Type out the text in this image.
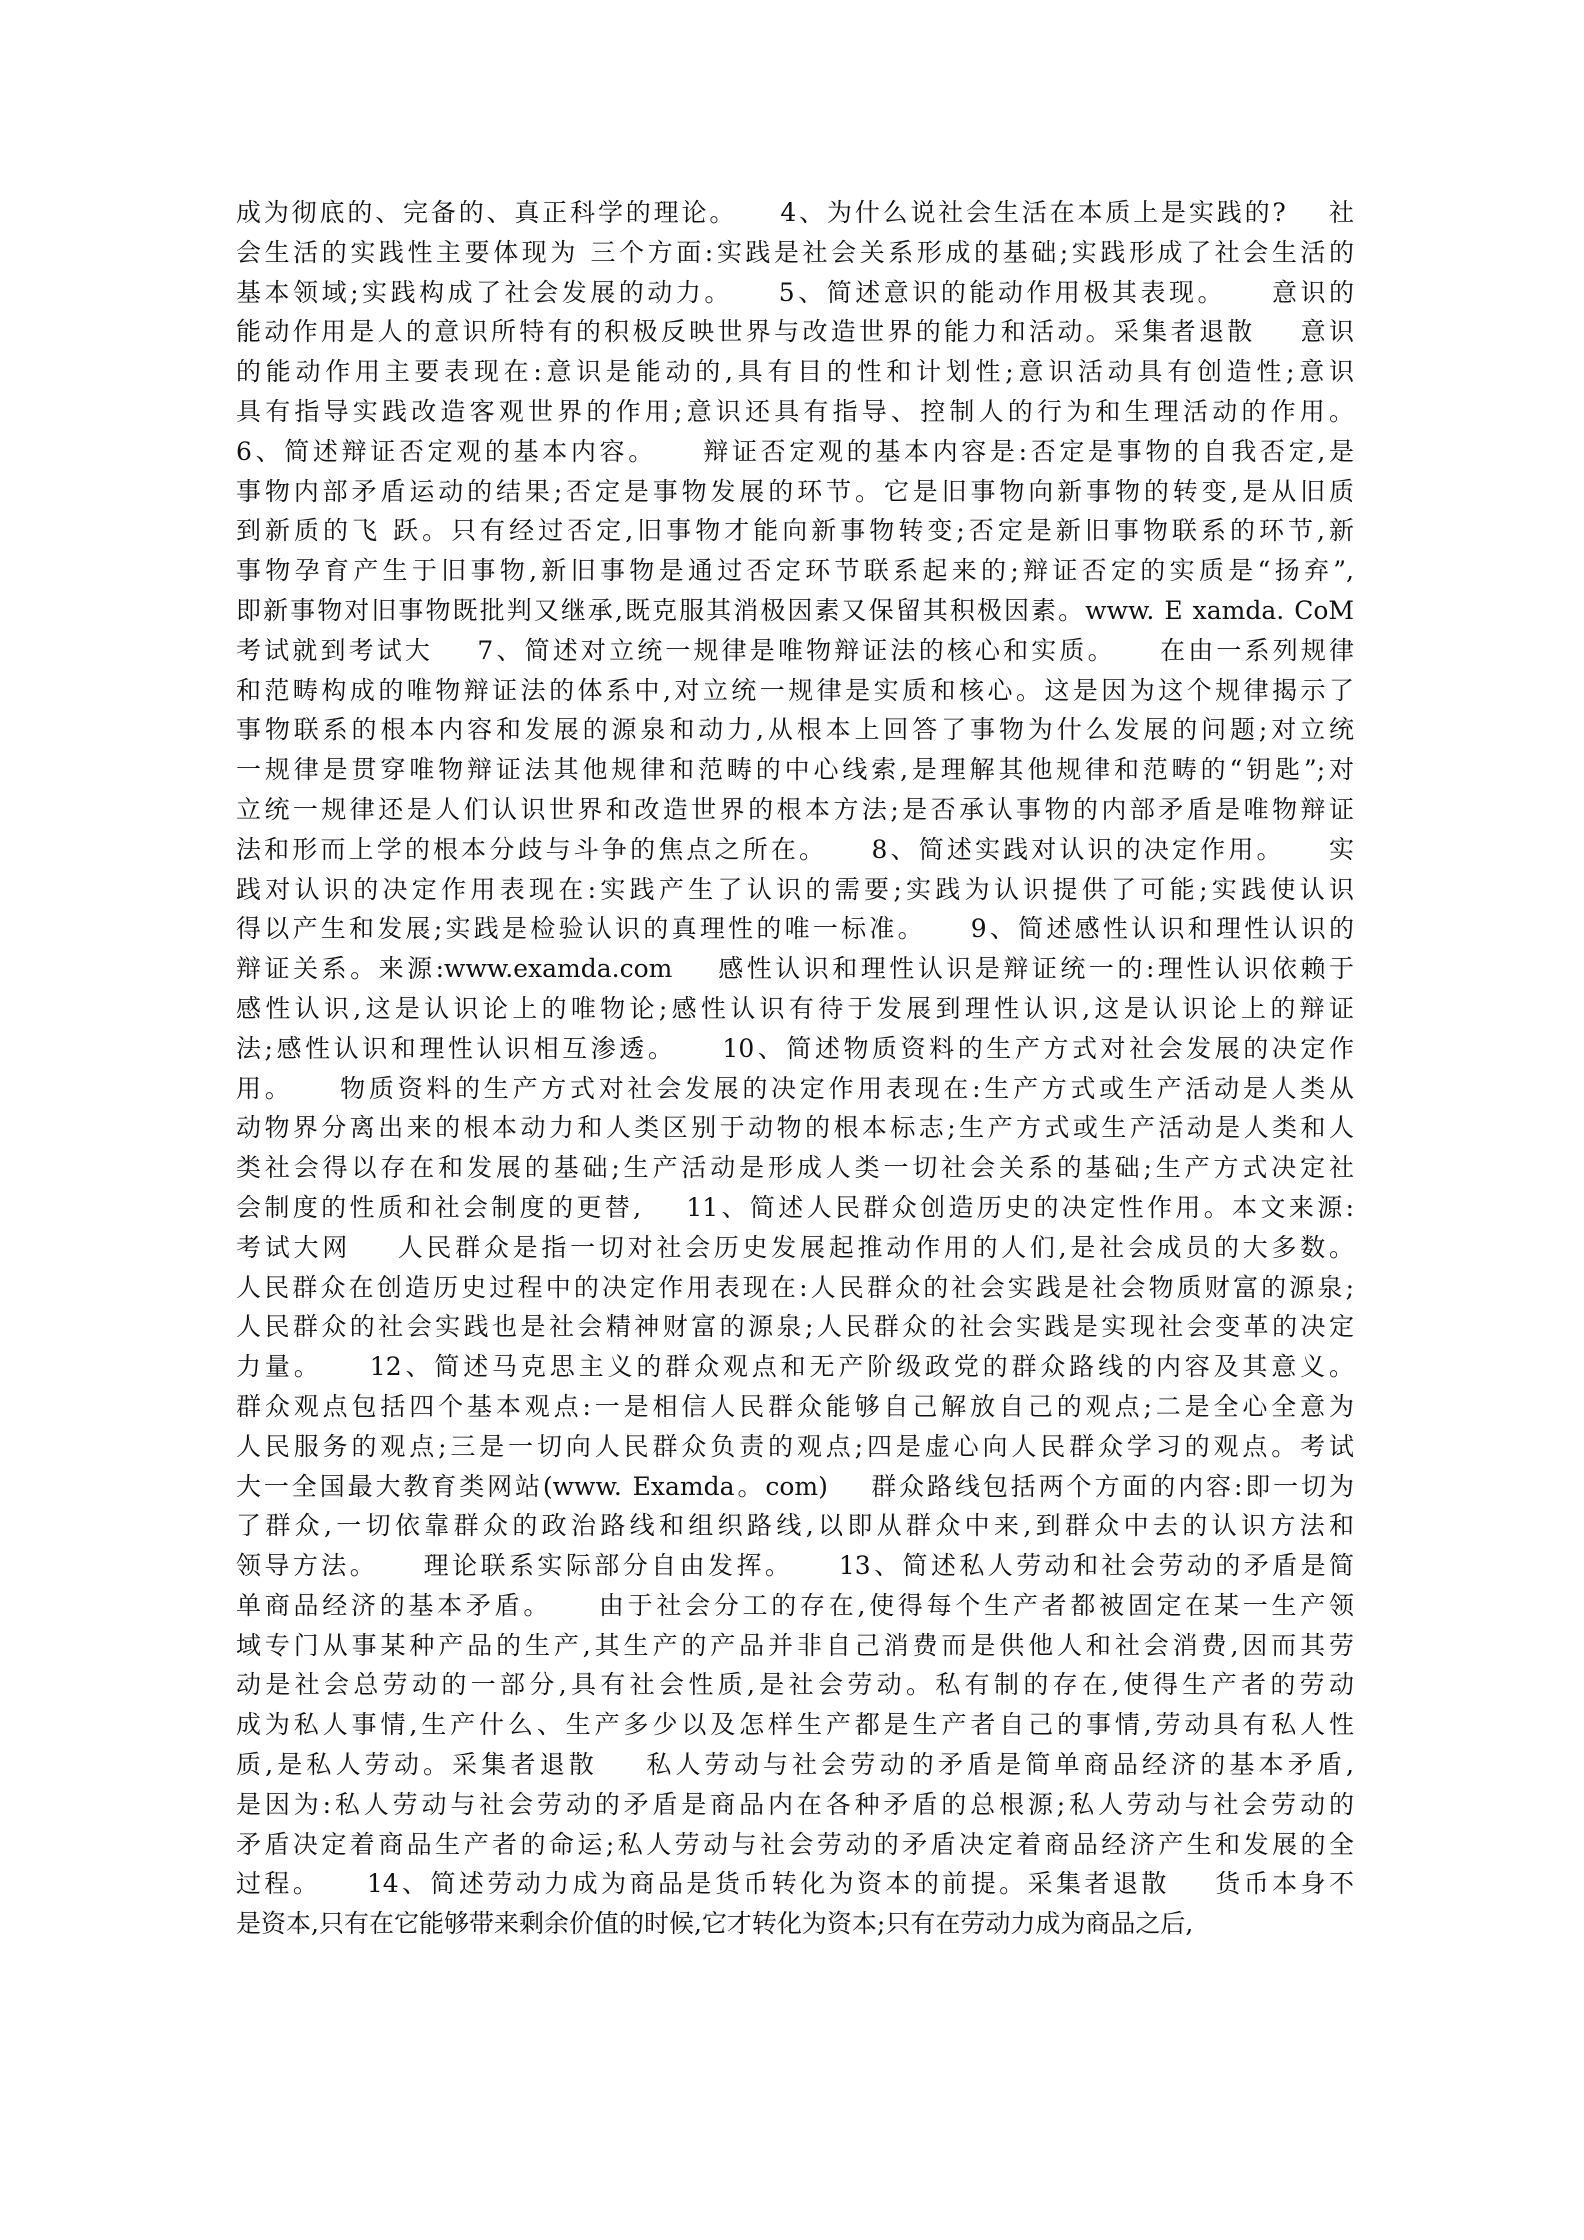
成为彻底的、完备的、真正科学的理论。    4、为什么说社会生活在本质上是实践的?    社
会生活的实践性主要体现为 三个方面:实践是社会关系形成的基础;实践形成了社会生活的
基本领域;实践构成了社会发展的动力。    5、简述意识的能动作用极其表现。    意识的
能动作用是人的意识所特有的积极反映世界与改造世界的能力和活动。采集者退散    意识
的能动作用主要表现在:意识是能动的,具有目的性和计划性;意识活动具有创造性;意识
具有指导实践改造客观世界的作用;意识还具有指导、控制人的行为和生理活动的作用。
6、简述辩证否定观的基本内容。    辩证否定观的基本内容是:否定是事物的自我否定,是
事物内部矛盾运动的结果;否定是事物发展的环节。它是旧事物向新事物的转变,是从旧质
到新质的飞 跃。只有经过否定,旧事物才能向新事物转变;否定是新旧事物联系的环节,新
事物孕育产生于旧事物,新旧事物是通过否定环节联系起来的;辩证否定的实质是“扬弃”,
即新事物对旧事物既批判又继承,既克服其消极因素又保留其积极因素。www. E xamda. CoM
考试就到考试大    7、简述对立统一规律是唯物辩证法的核心和实质。    在由一系列规律
和范畴构成的唯物辩证法的体系中,对立统一规律是实质和核心。这是因为这个规律揭示了
事物联系的根本内容和发展的源泉和动力,从根本上回答了事物为什么发展的问题;对立统
一规律是贯穿唯物辩证法其他规律和范畴的中心线索,是理解其他规律和范畴的“钥匙”;对
立统一规律还是人们认识世界和改造世界的根本方法;是否承认事物的内部矛盾是唯物辩证
法和形而上学的根本分歧与斗争的焦点之所在。    8、简述实践对认识的决定作用。    实
践对认识的决定作用表现在:实践产生了认识的需要;实践为认识提供了可能;实践使认识
得以产生和发展;实践是检验认识的真理性的唯一标准。    9、简述感性认识和理性认识的
辩证关系。来源:www.examda.com    感性认识和理性认识是辩证统一的:理性认识依赖于
感性认识,这是认识论上的唯物论;感性认识有待于发展到理性认识,这是认识论上的辩证
法;感性认识和理性认识相互渗透。    10、简述物质资料的生产方式对社会发展的决定作
用。    物质资料的生产方式对社会发展的决定作用表现在:生产方式或生产活动是人类从
动物界分离出来的根本动力和人类区别于动物的根本标志;生产方式或生产活动是人类和人
类社会得以存在和发展的基础;生产活动是形成人类一切社会关系的基础;生产方式决定社
会制度的性质和社会制度的更替,    11、简述人民群众创造历史的决定性作用。本文来源:
考试大网    人民群众是指一切对社会历史发展起推动作用的人们,是社会成员的大多数。
人民群众在创造历史过程中的决定作用表现在:人民群众的社会实践是社会物质财富的源泉;
人民群众的社会实践也是社会精神财富的源泉;人民群众的社会实践是实现社会变革的决定
力量。    12、简述马克思主义的群众观点和无产阶级政党的群众路线的内容及其意义。
群众观点包括四个基本观点:一是相信人民群众能够自己解放自己的观点;二是全心全意为
人民服务的观点;三是一切向人民群众负责的观点;四是虚心向人民群众学习的观点。考试
大一全国最大教育类网站(www. Examda。com)    群众路线包括两个方面的内容:即一切为
了群众,一切依靠群众的政治路线和组织路线,以即从群众中来,到群众中去的认识方法和
领导方法。    理论联系实际部分自由发挥。    13、简述私人劳动和社会劳动的矛盾是简
单商品经济的基本矛盾。    由于社会分工的存在,使得每个生产者都被固定在某一生产领
域专门从事某种产品的生产,其生产的产品并非自己消费而是供他人和社会消费,因而其劳
动是社会总劳动的一部分,具有社会性质,是社会劳动。私有制的存在,使得生产者的劳动
成为私人事情,生产什么、生产多少以及怎样生产都是生产者自己的事情,劳动具有私人性
质,是私人劳动。采集者退散    私人劳动与社会劳动的矛盾是简单商品经济的基本矛盾,
是因为:私人劳动与社会劳动的矛盾是商品内在各种矛盾的总根源;私人劳动与社会劳动的
矛盾决定着商品生产者的命运;私人劳动与社会劳动的矛盾决定着商品经济产生和发展的全
过程。    14、简述劳动力成为商品是货币转化为资本的前提。采集者退散    货币本身不
是资本,只有在它能够带来剩余价值的时候,它才转化为资本;只有在劳动力成为商品之后,
